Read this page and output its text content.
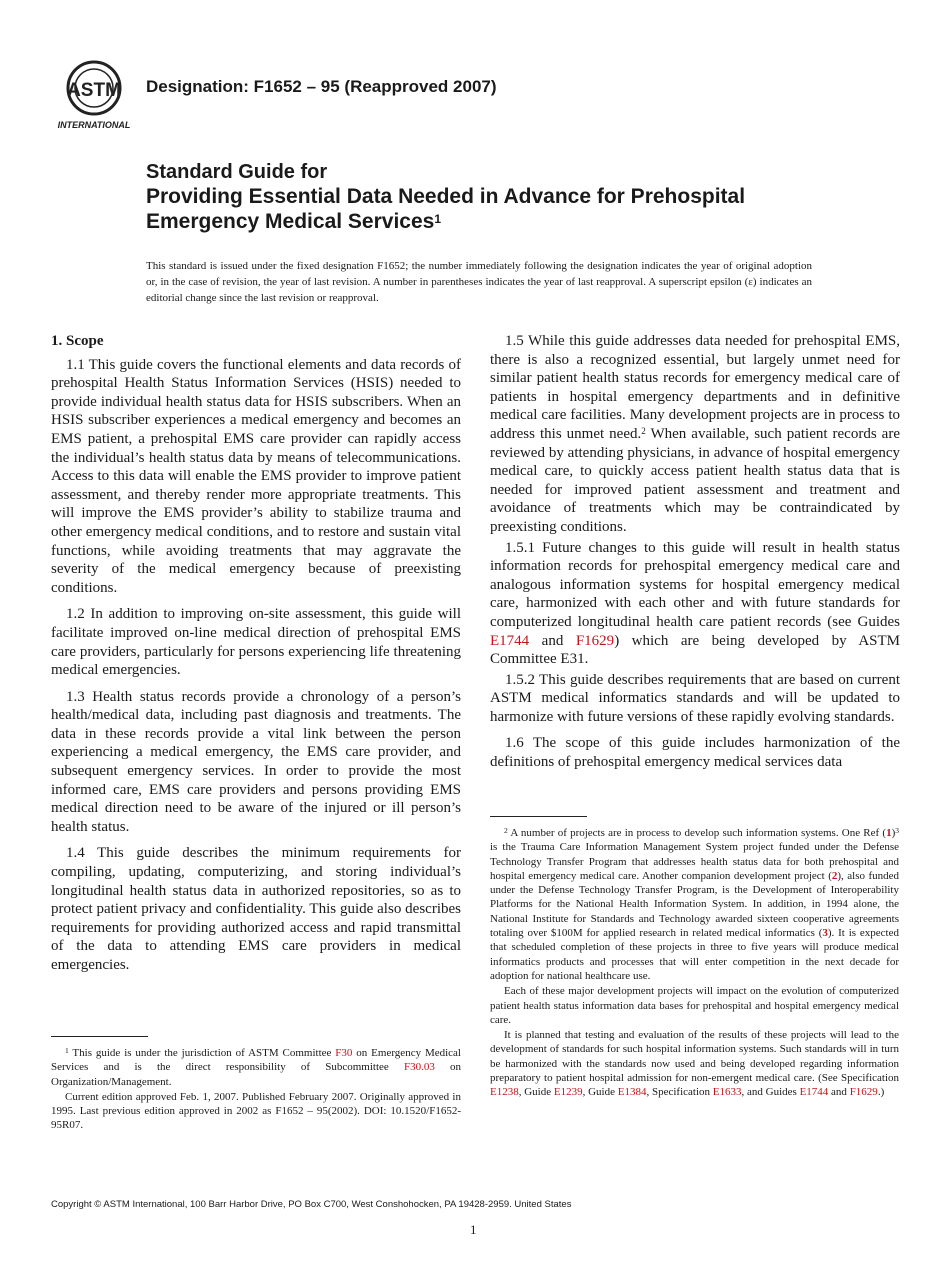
ASTM
INTERNATIONAL
Designation: F1652 – 95 (Reapproved 2007)
Standard Guide for
Providing Essential Data Needed in Advance for Prehospital
Emergency Medical Services$^1$
This standard is issued under the fixed designation F1652; the number immediately following the designation indicates the year of original adoption or, in the case of revision, the year of last revision. A number in parentheses indicates the year of last reapproval. A superscript epsilon (ε) indicates an editorial change since the last revision or reapproval.
1. Scope

1.1 This guide covers the functional elements and data records of prehospital Health Status Information Services (HSIS) needed to provide individual health status data for HSIS subscribers. When an HSIS subscriber experiences a medical emergency and becomes an EMS patient, a prehospital EMS care provider can rapidly access the individual’s health status data by means of telecommunications. Access to this data will enable the EMS provider to improve patient assessment, and thereby render more appropriate treatments. This will improve the EMS provider’s ability to stabilize trauma and other emergency medical conditions, and to restore and sustain vital functions, while avoiding treatments that may aggravate the severity of the medical emergency because of preexisting conditions.

1.2 In addition to improving on-site assessment, this guide will facilitate improved on-line medical direction of prehospital EMS care providers, particularly for persons experiencing life threatening medical emergencies.

1.3 Health status records provide a chronology of a person’s health/medical data, including past diagnosis and treatments. The data in these records provide a vital link between the person experiencing a medical emergency, the EMS care provider, and subsequent emergency services. In order to provide the most informed care, EMS care providers and persons providing EMS medical direction need to be aware of the injured or ill person’s health status.

1.4 This guide describes the minimum requirements for compiling, updating, computerizing, and storing individual’s longitudinal health status data in authorized repositories, so as to protect patient privacy and confidentiality. This guide also describes requirements for providing authorized access and rapid transmittal of the data to attending EMS care providers in medical emergencies.

1.5 While this guide addresses data needed for prehospital EMS, there is also a recognized essential, but largely unmet need for similar patient health status records for emergency medical care of patients in hospital emergency departments and in definitive medical care facilities. Many development projects are in process to address this unmet need.$^2$ When available, such patient records are reviewed by attending physicians, in advance of hospital emergency medical care, to quickly access patient health status data that is needed for improved patient assessment and treatment and avoidance of treatments which may be contraindicated by preexisting conditions.

1.5.1 Future changes to this guide will result in health status information records for prehospital emergency medical care and analogous information systems for hospital emergency medical care, harmonized with each other and with future standards for computerized longitudinal health care patient records (see Guides E1744 and F1629) which are being developed by ASTM Committee E31.

1.5.2 This guide describes requirements that are based on current ASTM medical informatics standards and will be updated to harmonize with future versions of these rapidly evolving standards.

1.6 The scope of this guide includes harmonization of the definitions of prehospital emergency medical services data

$^1$ This guide is under the jurisdiction of ASTM Committee F30 on Emergency Medical Services and is the direct responsibility of Subcommittee F30.03 on Organization/Management.

Current edition approved Feb. 1, 2007. Published February 2007. Originally approved in 1995. Last previous edition approved in 2002 as F1652 – 95(2002). DOI: 10.1520/F1652-95R07.

$^2$ A number of projects are in process to develop such information systems. One Ref $(1)^3$ is the Trauma Care Information Management System project funded under the Defense Technology Transfer Program that addresses health status data for both prehospital and hospital emergency medical care. Another companion development project (2), also funded under the Defense Technology Transfer Program, is the Development of Interoperability Platforms for the National Health Information System. In addition, in 1994 alone, the National Institute for Standards and Technology awarded sixteen cooperative agreements totaling over $100M for applied research in related medical informatics (3). It is expected that scheduled completion of these projects in three to five years will produce medical informatics products and processes that will enter competition in the next decade for adoption for national healthcare use.

Each of these major development projects will impact on the evolution of computerized patient health status information data bases for prehospital and hospital emergency medical care.

It is planned that testing and evaluation of the results of these projects will lead to the development of standards for such hospital information systems. Such standards will in turn be harmonized with the standards now used and being developed regarding information preparatory to patient hospital admission for non-emergent medical care. (See Specification E1238, Guide E1239, Guide E1384, Specification E1633, and Guides E1744 and F1629.)

Copyright © ASTM International, 100 Barr Harbor Drive, PO Box C700, West Conshohocken, PA 19428-2959. United States
1
